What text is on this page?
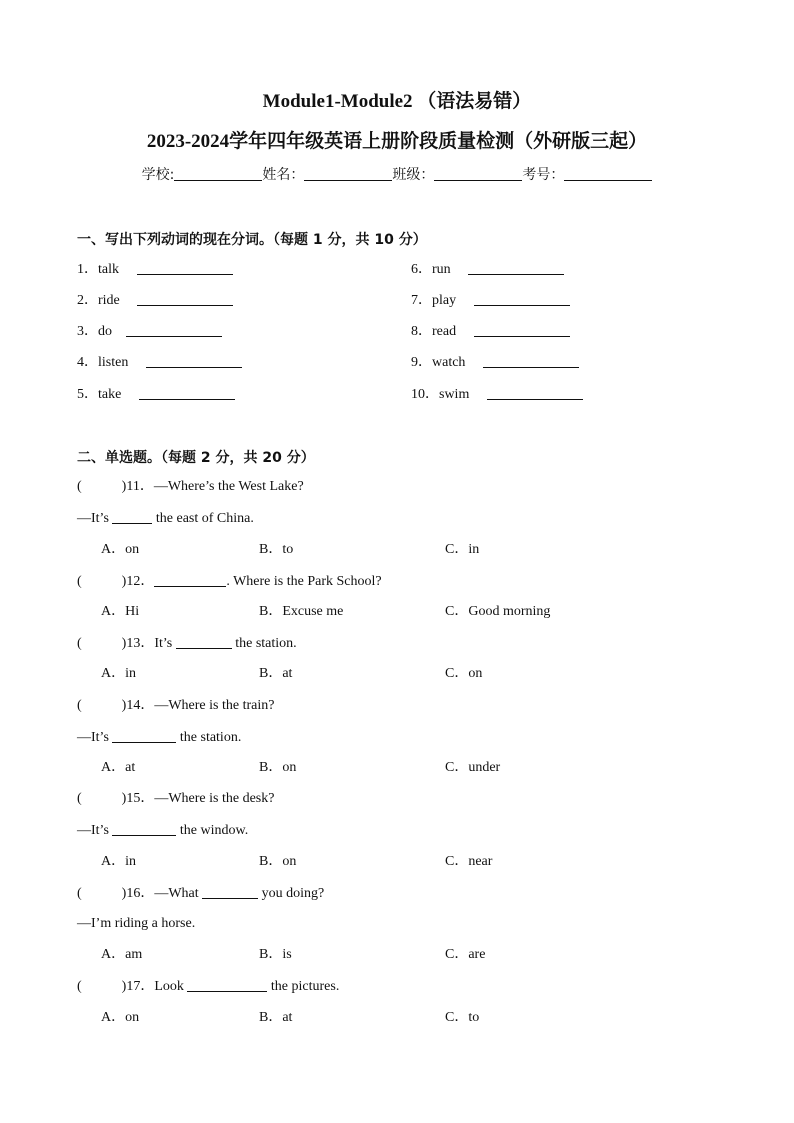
Module1-Module2 （语法易错）
2023-2024学年四年级英语上册阶段质量检测（外研版三起）
学校:	姓名：	班级：	考号：
一、写出下列动词的现在分词。（每题 1 分，共 10 分）
1．talk
2．ride
3．do
4．listen
5．take
6．run
7．play
8．read
9．watch
10．swim
二、单选题。（每题 2 分，共 20 分）
(	)11．—Where’s the West Lake?
—It’s	the east of China.
A．on	B．to	C．in
(	)12．	. Where is the Park School?
A．Hi	B．Excuse me	C．Good morning
(	)13．It’s	the station.
A．in	B．at	C．on
(	)14．—Where is the train?
—It’s	the station.
A．at	B．on	C．under
(	)15．—Where is the desk?
—It’s	the window.
A．in	B．on	C．near
(	)16．—What	you doing?
—I’m riding a horse.
A．am	B．is	C．are
(	)17．Look	the pictures.
A．on	B．at	C．to
